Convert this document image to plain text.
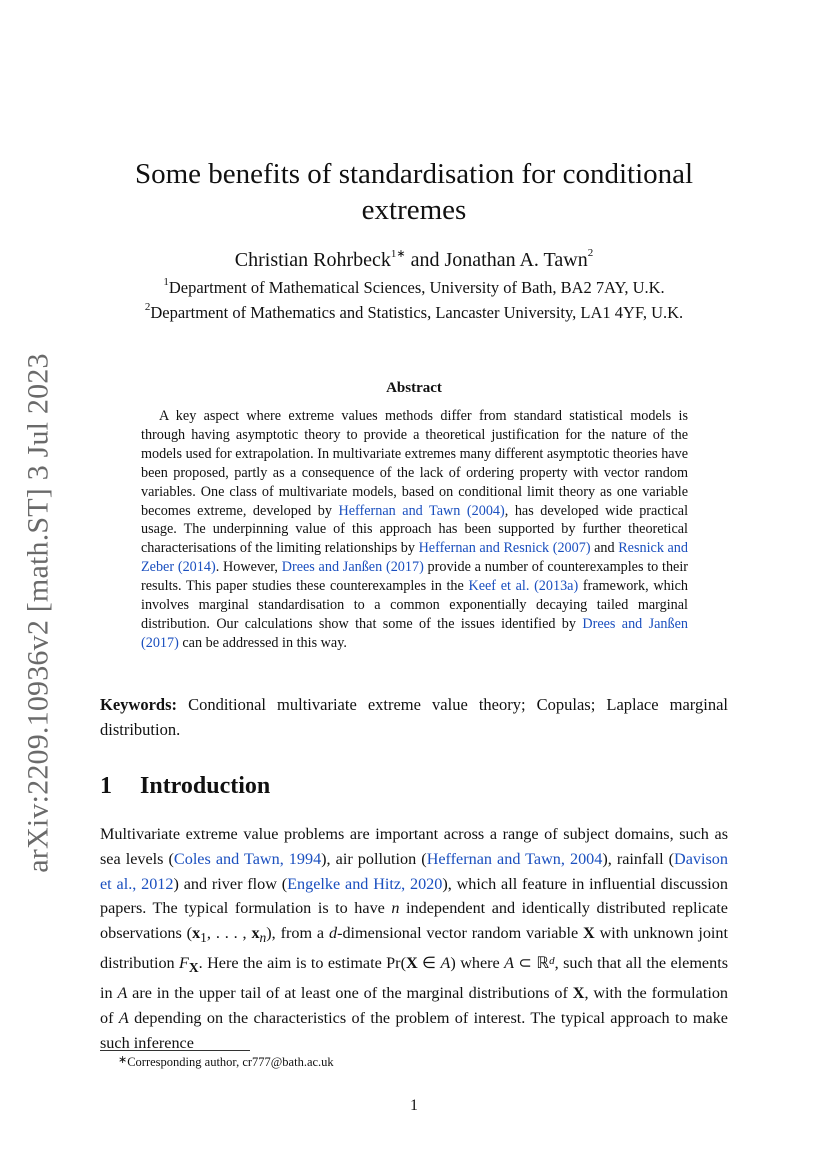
arXiv:2209.10936v2 [math.ST] 3 Jul 2023
Some benefits of standardisation for conditional extremes
Christian Rohrbeck$^{1∗}$ and Jonathan A. Tawn$^2$
$^1$Department of Mathematical Sciences, University of Bath, BA2 7AY, U.K.
$^2$Department of Mathematics and Statistics, Lancaster University, LA1 4YF, U.K.
Abstract

A key aspect where extreme values methods differ from standard statistical models is through having asymptotic theory to provide a theoretical justification for the nature of the models used for extrapolation. In multivariate extremes many different asymptotic theories have been proposed, partly as a consequence of the lack of ordering property with vector random variables. One class of multivariate models, based on conditional limit theory as one variable becomes extreme, developed by Heffernan and Tawn (2004), has developed wide practical usage. The underpinning value of this approach has been supported by further theoretical characterisations of the limiting relationships by Heffernan and Resnick (2007) and Resnick and Zeber (2014). However, Drees and Janßen (2017) provide a number of counterexamples to their results. This paper studies these counterexamples in the Keef et al. (2013a) framework, which involves marginal standardisation to a common exponentially decaying tailed marginal distribution. Our calculations show that some of the issues identified by Drees and Janßen (2017) can be addressed in this way.

Keywords: Conditional multivariate extreme value theory; Copulas; Laplace marginal distribution.

1 Introduction

Multivariate extreme value problems are important across a range of subject domains, such as sea levels (Coles and Tawn, 1994), air pollution (Heffernan and Tawn, 2004), rainfall (Davison et al., 2012) and river flow (Engelke and Hitz, 2020), which all feature in influential discussion papers. The typical formulation is to have n independent and identically distributed replicate observations ($x_1$, . . . , $x_n$), from a d-dimensional vector random variable X with unknown joint distribution $F_X$. Here the aim is to estimate Pr(X ∈ A) where A ⊂ ℝ$^d$, such that all the elements in A are in the upper tail of at least one of the marginal distributions of X, with the formulation of A depending on the characteristics of the problem of interest. The typical approach to make such inference

∗Corresponding author, cr777@bath.ac.uk
1
